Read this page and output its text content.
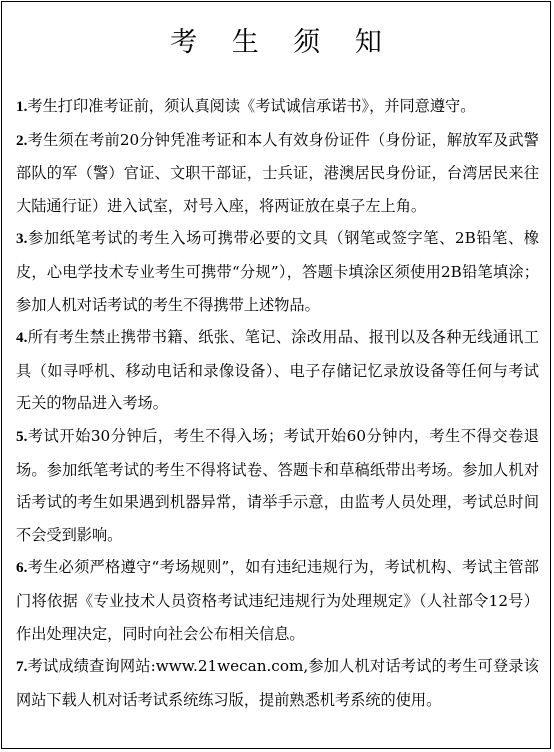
考 生 须 知

1.考生打印准考证前，须认真阅读《考试诚信承诺书》，并同意遵守。

2.考生须在考前20分钟凭准考证和本人有效身份证件（身份证，解放军及武警部队的军（警）官证、文职干部证，士兵证，港澳居民身份证，台湾居民来往大陆通行证）进入试室，对号入座，将两证放在桌子左上角。

3.参加纸笔考试的考生入场可携带必要的文具（钢笔或签字笔、2B铅笔、橡皮，心电学技术专业考生可携带“分规”），答题卡填涂区须使用2B铅笔填涂；参加人机对话考试的考生不得携带上述物品。

4.所有考生禁止携带书籍、纸张、笔记、涂改用品、报刊以及各种无线通讯工具（如寻呼机、移动电话和录像设备）、电子存储记忆录放设备等任何与考试无关的物品进入考场。

5.考试开始30分钟后，考生不得入场；考试开始60分钟内，考生不得交卷退场。参加纸笔考试的考生不得将试卷、答题卡和草稿纸带出考场。参加人机对话考试的考生如果遇到机器异常，请举手示意，由监考人员处理，考试总时间不会受到影响。

6.考生必须严格遵守“考场规则”，如有违纪违规行为，考试机构、考试主管部门将依据《专业技术人员资格考试违纪违规行为处理规定》（人社部令12号）作出处理决定，同时向社会公布相关信息。

7.考试成绩查询网站:www.21wecan.com,参加人机对话考试的考生可登录该网站下载人机对话考试系统练习版，提前熟悉机考系统的使用。
